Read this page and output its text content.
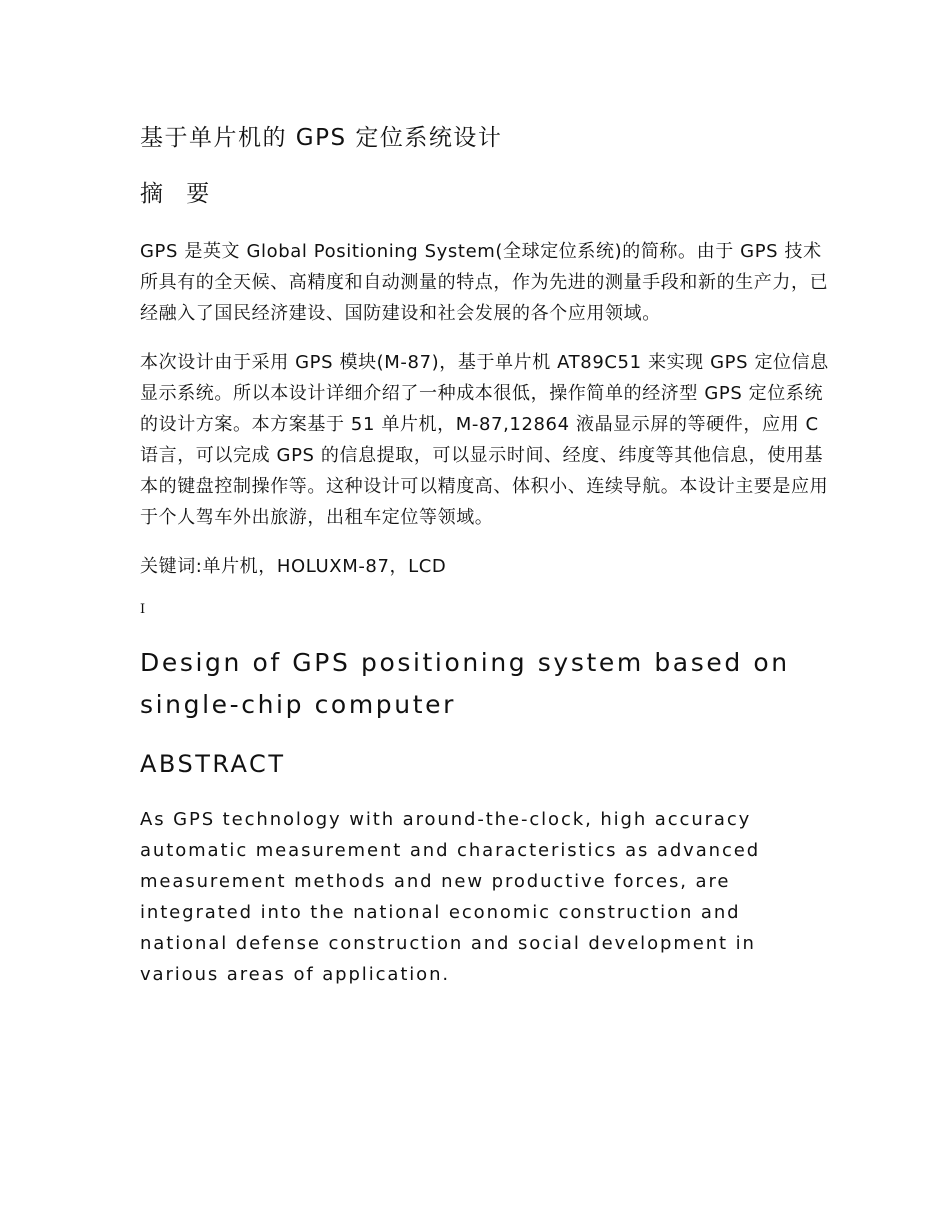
基于单片机的 GPS 定位系统设计
摘 要

GPS 是英文 Global Positioning System(全球定位系统)的简称。由于 GPS 技术所具有的全天候、高精度和自动测量的特点，作为先进的测量手段和新的生产力，已经融入了国民经济建设、国防建设和社会发展的各个应用领域。

本次设计由于采用 GPS 模块(M-87)，基于单片机 AT89C51 来实现 GPS 定位信息显示系统。所以本设计详细介绍了一种成本很低，操作简单的经济型 GPS 定位系统的设计方案。本方案基于 51 单片机，M-87,12864 液晶显示屏的等硬件，应用 C 语言，可以完成 GPS 的信息提取，可以显示时间、经度、纬度等其他信息，使用基本的键盘控制操作等。这种设计可以精度高、体积小、连续导航。本设计主要是应用于个人驾车外出旅游，出租车定位等领域。

关键词:单片机，HOLUXM-87，LCD

I

Design of GPS positioning system based on single-chip computer
ABSTRACT

As GPS technology with around-the-clock, high accuracy automatic measurement and characteristics as advanced measurement methods and new productive forces, are integrated into the national economic construction and national defense construction and social development in various areas of application.
